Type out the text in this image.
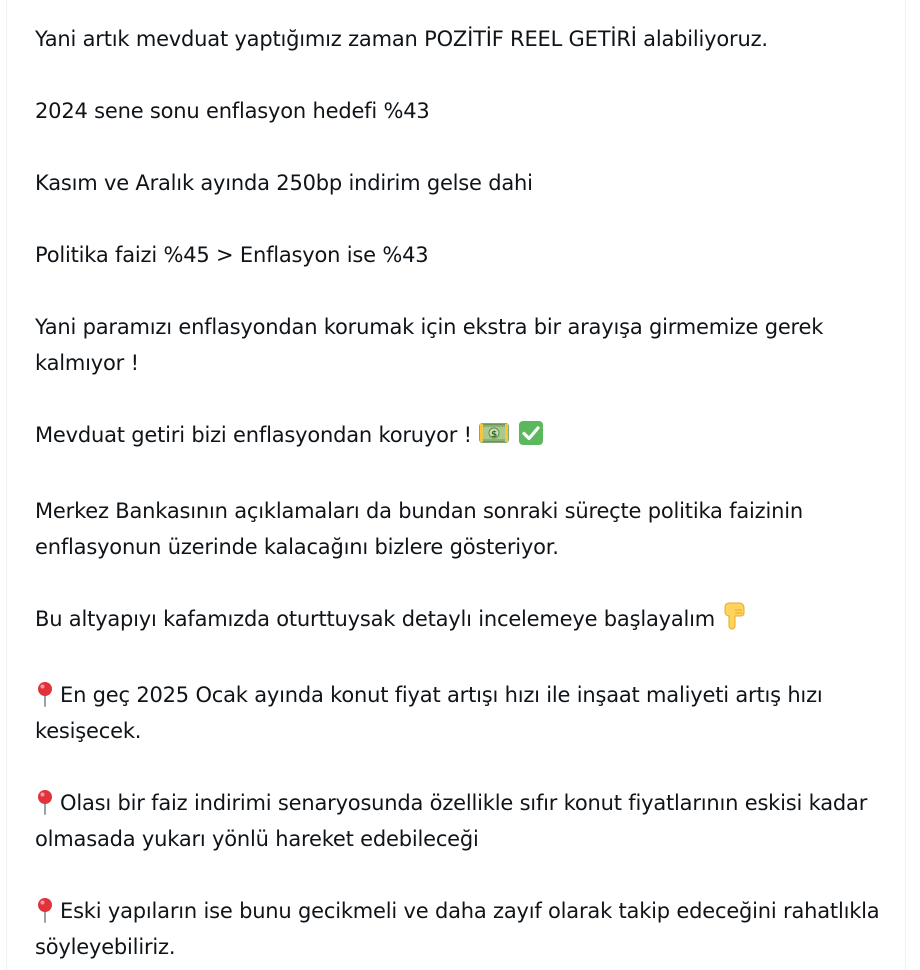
Yani artık mevduat yaptığımız zaman POZİTİF REEL GETİRİ alabiliyoruz.

2024 sene sonu enflasyon hedefi %43

Kasım ve Aralık ayında 250bp indirim gelse dahi

Politika faizi %45 > Enflasyon ise %43

Yani paramızı enflasyondan korumak için ekstra bir arayışa girmemize gerek kalmıyor !

Mevduat getiri bizi enflasyondan koruyor ! $

Merkez Bankasının açıklamaları da bundan sonraki süreçte politika faizinin enflasyonun üzerinde kalacağını bizlere gösteriyor.

Bu altyapıyı kafamızda oturttuysak detaylı incelemeye başlayalım

En geç 2025 Ocak ayında konut fiyat artışı hızı ile inşaat maliyeti artış hızı kesişecek.

Olası bir faiz indirimi senaryosunda özellikle sıfır konut fiyatlarının eskisi kadar olmasada yukarı yönlü hareket edebileceği

Eski yapıların ise bunu gecikmeli ve daha zayıf olarak takip edeceğini rahatlıkla söyleyebiliriz.
